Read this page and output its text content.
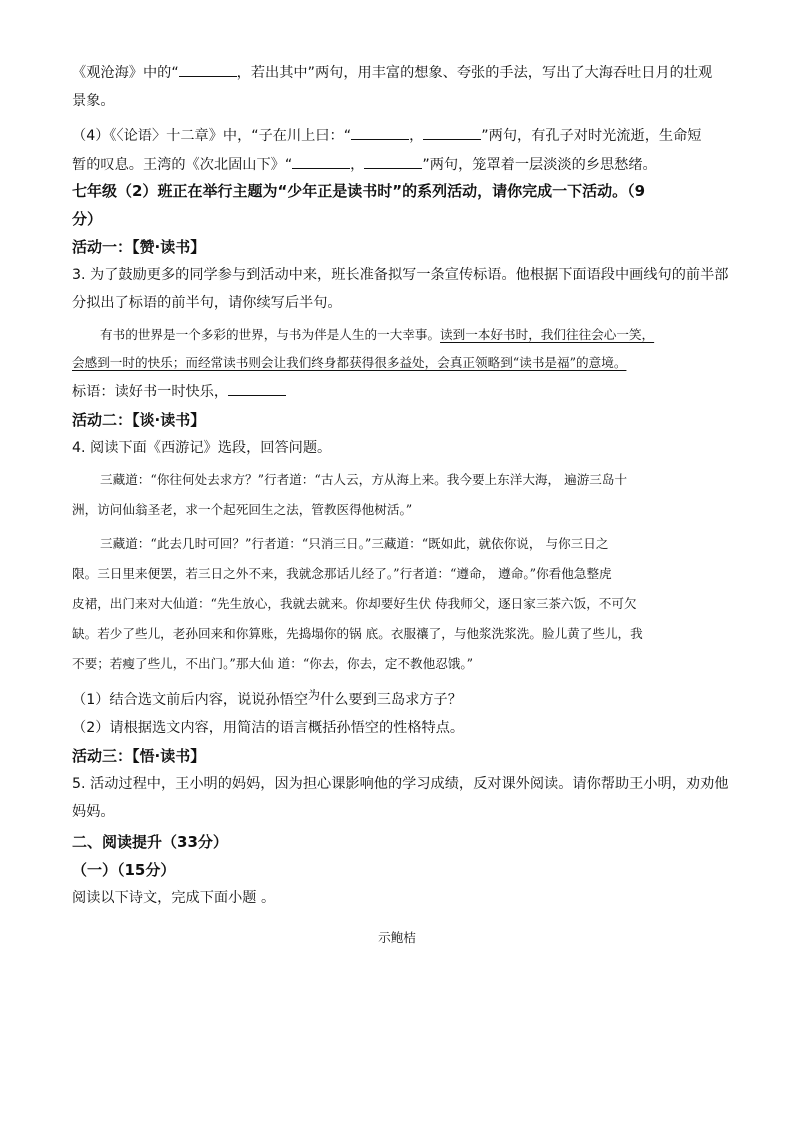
《观沧海》中的“	，若出其中”两句，用丰富的想象、夸张的手法，写出了大海吞吐日月的壮观
景象。
（4）《〈论语〉十二章》中，“子在川上曰：“	，	”两句，有孔子对时光流逝，生命短
暂的叹息。王湾的《次北固山下》“	，	”两句，笼罩着一层淡淡的乡思愁绪。
七年级（2）班正在举行主题为“少年正是读书时”的系列活动，请你完成一下活动。（9
分）
活动一：【赞·读书】
3. 为了鼓励更多的同学参与到活动中来，班长准备拟写一条宣传标语。他根据下面语段中画线句的前半部
分拟出了标语的前半句，请你续写后半句。
有书的世界是一个多彩的世界，与书为伴是人生的一大幸事。读到一本好书时，我们往往会心一笑，
会感到一时的快乐；而经常读书则会让我们终身都获得很多益处，会真正领略到“读书是福”的意境。
标语：读好书一时快乐，
活动二：【谈·读书】
4. 阅读下面《西游记》选段，回答问题。
三藏道：“你往何处去求方？”行者道：“古人云，方从海上来。我今要上东洋大海， 遍游三岛十
洲，访问仙翁圣老，求一个起死回生之法，管教医得他树活。”
三藏道：“此去几时可回？”行者道：“只消三日。”三藏道：“既如此，就依你说， 与你三日之
限。三日里来便罢，若三日之外不来，我就念那话儿经了。”行者道：“遵命， 遵命。”你看他急整虎
皮裙，出门来对大仙道：“先生放心，我就去就来。你却要好生伏 侍我师父，逐日家三茶六饭，不可欠
缺。若少了些儿，老孙回来和你算账，先捣塌你的锅 底。衣服禳了，与他浆洗浆洗。脸儿黄了些儿，我
不要；若瘦了些儿，不出门。”那大仙 道：“你去，你去，定不教他忍饿。”
（1）结合选文前后内容，说说孙悟空$^为$什么要到三岛求方子？
（2）请根据选文内容，用简洁的语言概括孙悟空的性格特点。
活动三：【悟·读书】
5. 活动过程中，王小明的妈妈，因为担心课影响他的学习成绩，反对课外阅读。请你帮助王小明，劝劝他
妈妈。
二、阅读提升（33分）
（一）（15分）
阅读以下诗文，完成下面小题 。
示鲍桔
